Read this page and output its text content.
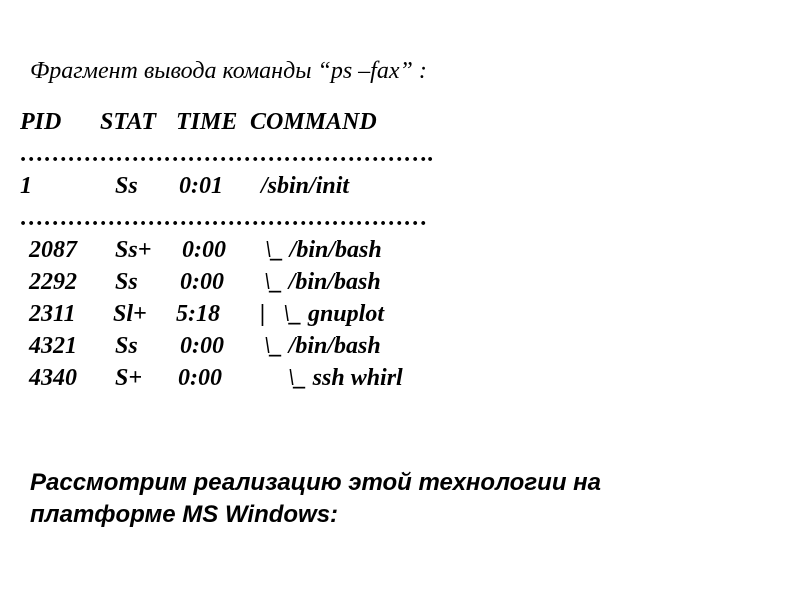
Фрагмент вывода команды “ps –fax” :
PID STAT TIME COMMAND
…………………………………………….
1	Ss 0:01 /sbin/init
……………………………………………
2087 Ss+ 0:00 \_ /bin/bash
2292 Ss 0:00 \_ /bin/bash
2311 Sl+ 5:18 |   \_ gnuplot
4321 Ss 0:00 \_ /bin/bash
4340 S+ 0:00	\_ ssh whirl
Рассмотрим реализацию этой технологии на платформе MS Windows:
